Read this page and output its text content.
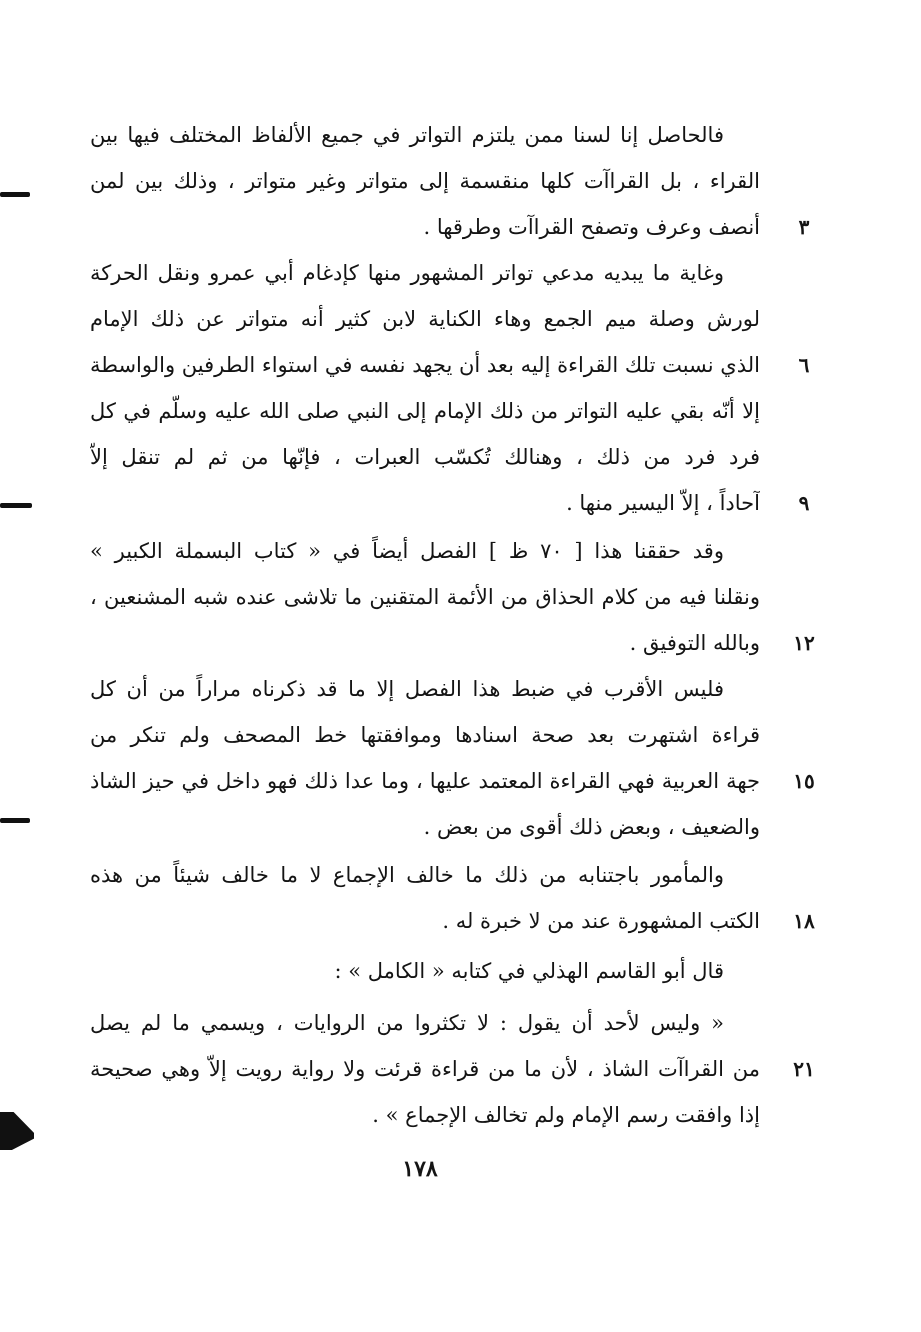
فالحاصل إنا لسنا ممن يلتزم التواتر في جميع الألفاظ المختلف فيها بين
القراء ، بل القراآت كلها منقسمة إلى متواتر وغير متواتر ، وذلك بين لمن
أنصف وعرف وتصفح القراآت وطرقها .	٣
وغاية ما يبديه مدعي تواتر المشهور منها كإدغام أبي عمرو ونقل الحركة
لورش وصلة ميم الجمع وهاء الكناية لابن كثير أنه متواتر عن ذلك الإمام
الذي نسبت تلك القراءة إليه بعد أن يجهد نفسه في استواء الطرفين والواسطة	٦
إلا أنّه بقي عليه التواتر من ذلك الإمام إلى النبي صلى الله عليه وسلّم في كل
فرد فرد من ذلك ، وهنالك تُكسّب العبرات ، فإنّها من ثم لم تنقل إلاّ
آحاداً ، إلاّ اليسير منها .	٩
وقد حققنا هذا [ ٧٠ ظ ] الفصل أيضاً في « كتاب البسملة الكبير »
ونقلنا فيه من كلام الحذاق من الأئمة المتقنين ما تلاشى عنده شبه المشنعين ،
وبالله التوفيق .	١٢
فليس الأقرب في ضبط هذا الفصل إلا ما قد ذكرناه مراراً من أن كل
قراءة اشتهرت بعد صحة اسنادها وموافقتها خط المصحف ولم تنكر من
جهة العربية فهي القراءة المعتمد عليها ، وما عدا ذلك فهو داخل في حيز الشاذ	١٥
والضعيف ، وبعض ذلك أقوى من بعض .
والمأمور باجتنابه من ذلك ما خالف الإجماع لا ما خالف شيئاً من هذه
الكتب المشهورة عند من لا خبرة له .	١٨
قال أبو القاسم الهذلي في كتابه « الكامل » :
« وليس لأحد أن يقول : لا تكثروا من الروايات ، ويسمي ما لم يصل
من القراآت الشاذ ، لأن ما من قراءة قرئت ولا رواية رويت إلاّ وهي صحيحة	٢١
إذا وافقت رسم الإمام ولم تخالف الإجماع » .
١٧٨
